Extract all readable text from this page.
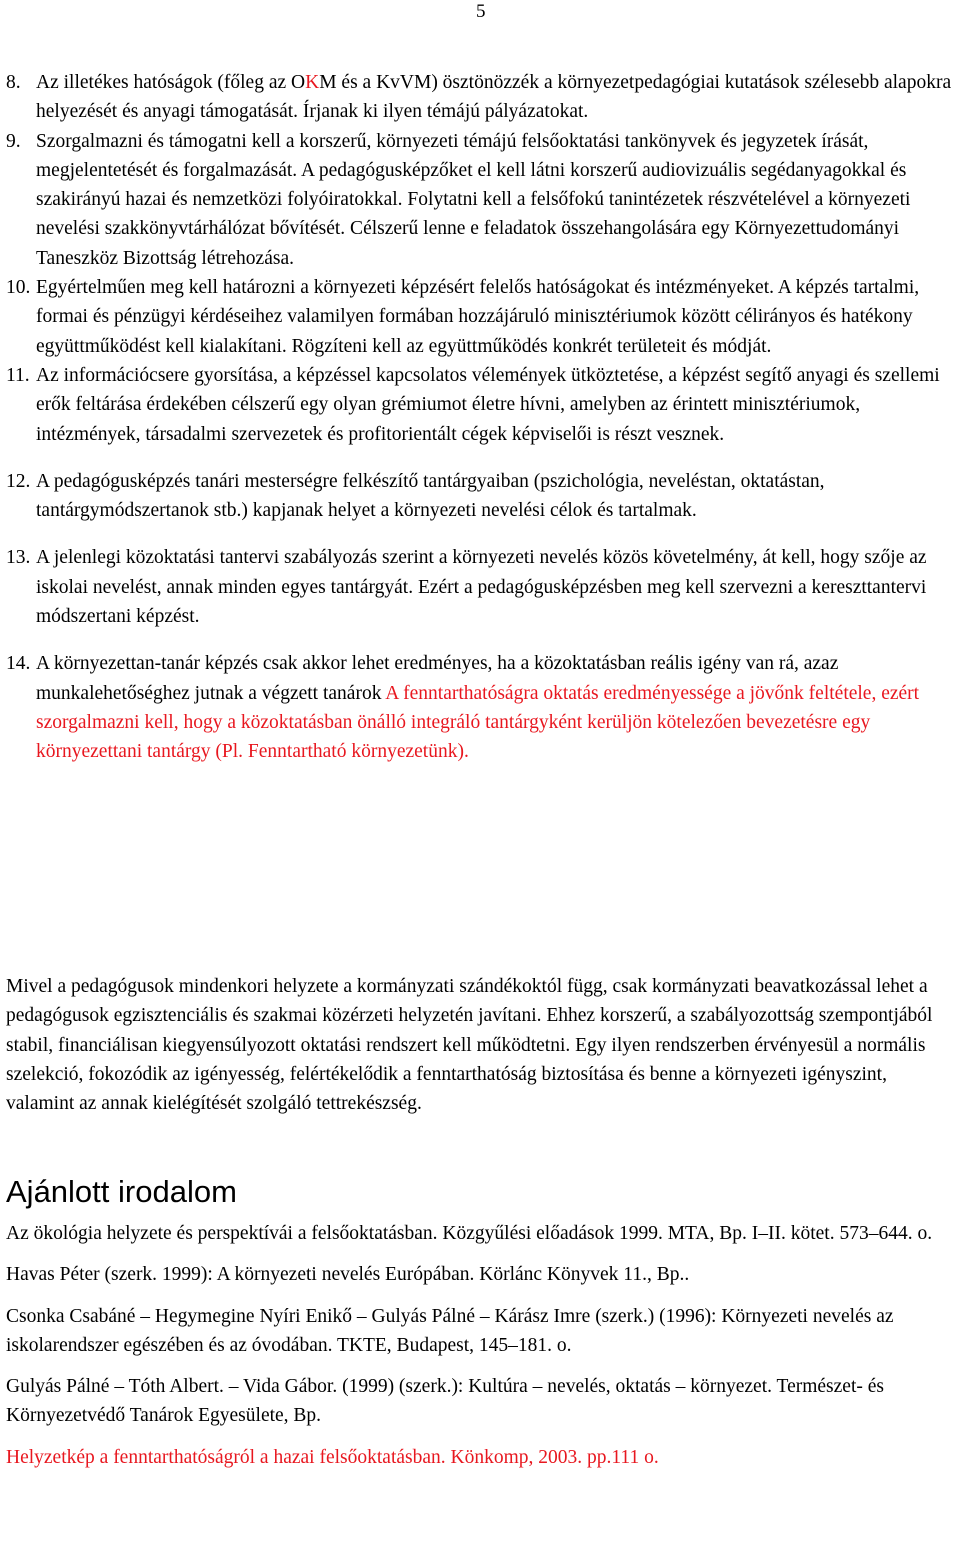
5
8. Az illetékes hatóságok (főleg az OKM és a KvVM) ösztönözzék a környezetpedagógiai kutatások szélesebb alapokra helyezését és anyagi támogatását. Írjanak ki ilyen témájú pályázatokat.
9. Szorgalmazni és támogatni kell a korszerű, környezeti témájú felsőoktatási tankönyvek és jegyzetek írását, megjelentetését és forgalmazását. A pedagógusképzőket el kell látni korszerű audiovizuális segédanyagokkal és szakirányú hazai és nemzetközi folyóiratokkal. Folytatni kell a felsőfokú tanintézetek részvételével a környezeti nevelési szakkönyvtárhálózat bővítését. Célszerű lenne e feladatok összehangolására egy Környezettudományi Taneszköz Bizottság létrehozása.
10. Egyértelműen meg kell határozni a környezeti képzésért felelős hatóságokat és intézményeket. A képzés tartalmi, formai és pénzügyi kérdéseihez valamilyen formában hozzájáruló minisztériumok között célirányos és hatékony együttműködést kell kialakítani. Rögzíteni kell az együttműködés konkrét területeit és módját.
11. Az információcsere gyorsítása, a képzéssel kapcsolatos vélemények ütköztetése, a képzést segítő anyagi és szellemi erők feltárása érdekében célszerű egy olyan grémiumot életre hívni, amelyben az érintett minisztériumok, intézmények, társadalmi szervezetek és profitorientált cégek képviselői is részt vesznek.
12. A pedagógusképzés tanári mesterségre felkészítő tantárgyaiban (pszichológia, neveléstan, oktatástan, tantárgymódszertanok stb.) kapjanak helyet a környezeti nevelési célok és tartalmak.
13. A jelenlegi közoktatási tantervi szabályozás szerint a környezeti nevelés közös követelmény, át kell, hogy szője az iskolai nevelést, annak minden egyes tantárgyát. Ezért a pedagógusképzésben meg kell szervezni a kereszttantervi módszertani képzést.
14. A környezettan-tanár képzés csak akkor lehet eredményes, ha a közoktatásban reális igény van rá, azaz munkalehetőséghez jutnak a végzett tanárok A fenntarthatóságra oktatás eredményessége a jövőnk feltétele, ezért szorgalmazni kell, hogy a közoktatásban önálló integráló tantárgyként kerüljön kötelezően bevezetésre egy környezettani tantárgy (Pl. Fenntartható környezetünk).
Mivel a pedagógusok mindenkori helyzete a kormányzati szándékoktól függ, csak kormányzati beavatkozással lehet a pedagógusok egzisztenciális és szakmai közérzeti helyzetén javítani. Ehhez korszerű, a szabályozottság szempontjából stabil, financiálisan kiegyensúlyozott oktatási rendszert kell működtetni. Egy ilyen rendszerben érvényesül a normális szelekció, fokozódik az igényesség, felértékelődik a fenntarthatóság biztosítása és benne a környezeti igényszint, valamint az annak kielégítését szolgáló tettrekészség.
Ajánlott irodalom

Az ökológia helyzete és perspektívái a felsőoktatásban. Közgyűlési előadások 1999. MTA, Bp. I–II. kötet. 573–644. o.

Havas Péter (szerk. 1999): A környezeti nevelés Európában. Körlánc Könyvek 11., Bp..

Csonka Csabáné – Hegymegine Nyíri Enikő – Gulyás Pálné – Kárász Imre (szerk.) (1996): Környezeti nevelés az iskolarendszer egészében és az óvodában. TKTE, Budapest, 145–181. o.

Gulyás Pálné – Tóth Albert. – Vida Gábor. (1999) (szerk.): Kultúra – nevelés, oktatás – környezet. Természet- és Környezetvédő Tanárok Egyesülete, Bp.

Helyzetkép a fenntarthatóságról a hazai felsőoktatásban. Könkomp, 2003. pp.111 o.
